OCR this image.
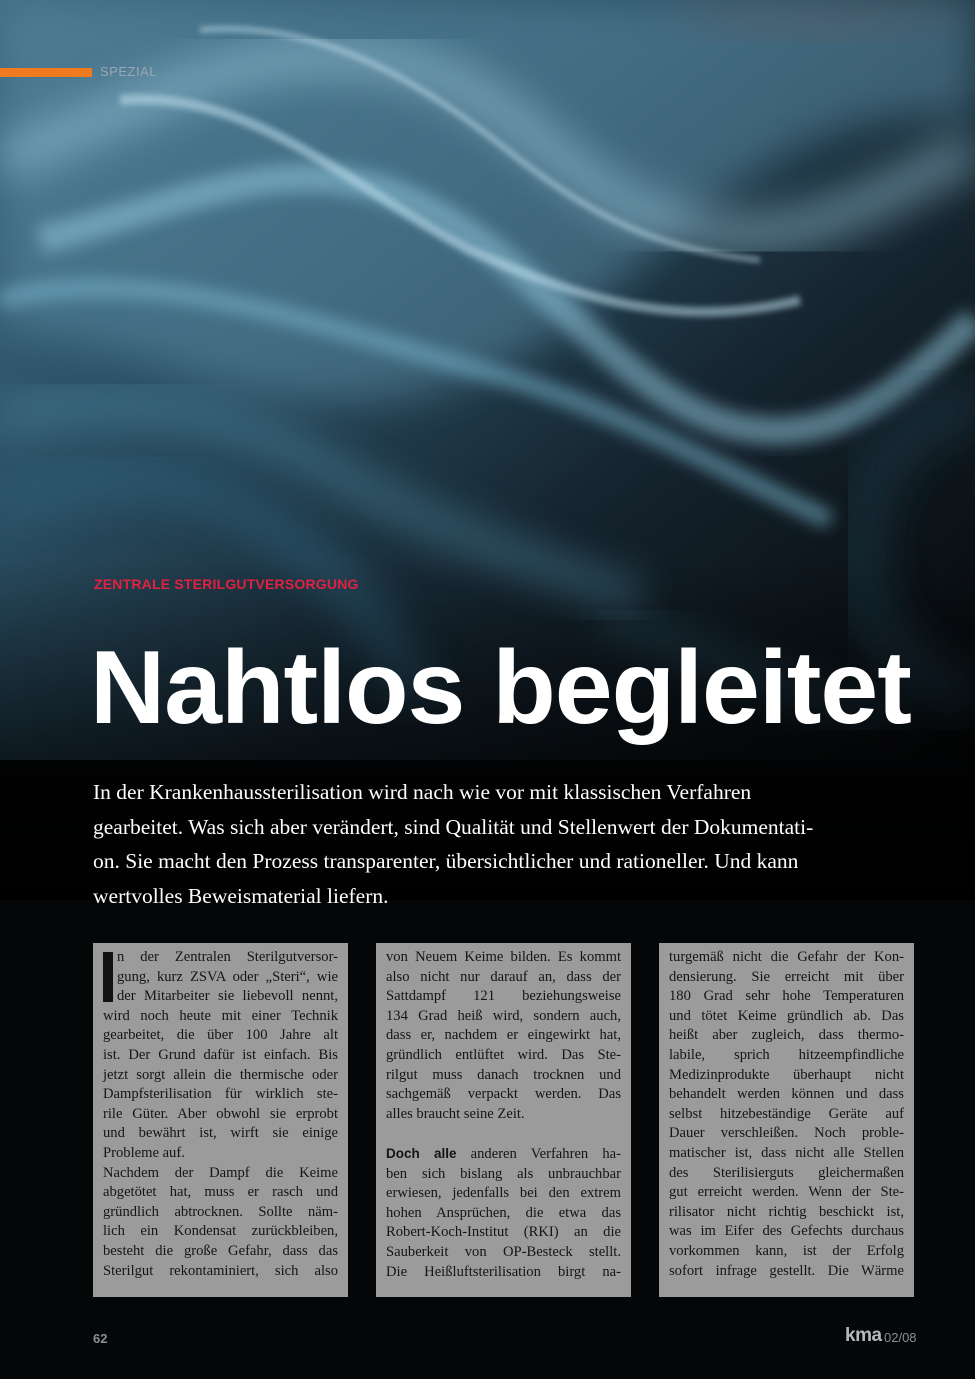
SPEZIAL
ZENTRALE STERILGUTVERSORGUNG
Nahtlos begleitet
In der Krankenhaussterilisation wird nach wie vor mit klassischen Verfahren
gearbeitet. Was sich aber verändert, sind Qualität und Stellenwert der Dokumentati-
on. Sie macht den Prozess transparenter, übersichtlicher und rationeller. Und kann
wertvolles Beweismaterial liefern.
n der Zentralen Sterilgutversor-
gung, kurz ZSVA oder „Steri“, wie
der Mitarbeiter sie liebevoll nennt,
wird noch heute mit einer Technik
gearbeitet, die über 100 Jahre alt
ist. Der Grund dafür ist einfach. Bis
jetzt sorgt allein die thermische oder
Dampfsterilisation für wirklich ste-
rile Güter. Aber obwohl sie erprobt
und bewährt ist, wirft sie einige
Probleme auf.
Nachdem der Dampf die Keime
abgetötet hat, muss er rasch und
gründlich abtrocknen. Sollte näm-
lich ein Kondensat zurückbleiben,
besteht die große Gefahr, dass das
Sterilgut rekontaminiert, sich also
von Neuem Keime bilden. Es kommt
also nicht nur darauf an, dass der
Sattdampf 121 beziehungsweise
134 Grad heiß wird, sondern auch,
dass er, nachdem er eingewirkt hat,
gründlich entlüftet wird. Das Ste-
rilgut muss danach trocknen und
sachgemäß verpackt werden. Das
alles braucht seine Zeit.
Doch alle anderen Verfahren ha-
ben sich bislang als unbrauchbar
erwiesen, jedenfalls bei den extrem
hohen Ansprüchen, die etwa das
Robert-Koch-Institut (RKI) an die
Sauberkeit von OP-Besteck stellt.
Die Heißluftsterilisation birgt na-
turgemäß nicht die Gefahr der Kon-
densierung. Sie erreicht mit über
180 Grad sehr hohe Temperaturen
und tötet Keime gründlich ab. Das
heißt aber zugleich, dass thermo-
labile, sprich hitzeempfindliche
Medizinprodukte überhaupt nicht
behandelt werden können und dass
selbst hitzebeständige Geräte auf
Dauer verschleißen. Noch proble-
matischer ist, dass nicht alle Stellen
des Sterilisierguts gleichermaßen
gut erreicht werden. Wenn der Ste-
rilisator nicht richtig beschickt ist,
was im Eifer des Gefechts durchaus
vorkommen kann, ist der Erfolg
sofort infrage gestellt. Die Wärme
62	kma 02/08
